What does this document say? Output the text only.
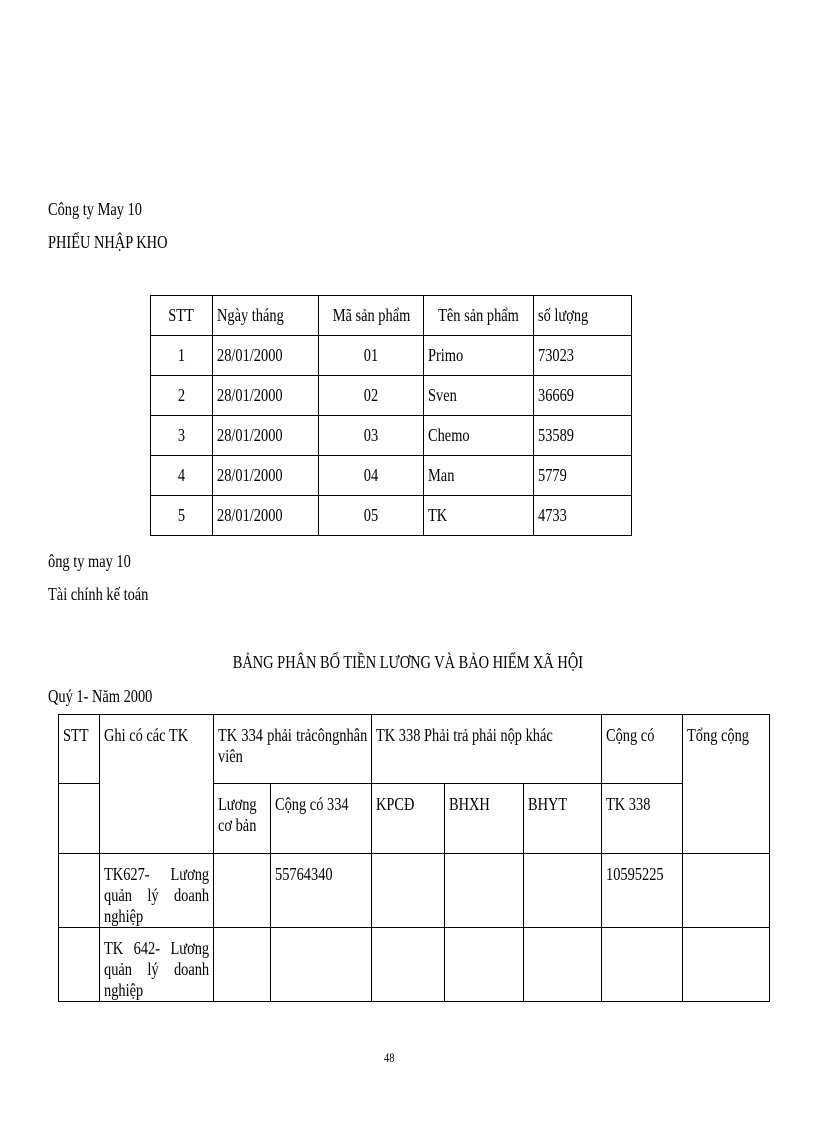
Công ty May 10
PHIẾU NHẬP KHO
STT	Ngày tháng	Mã sản phẩm	Tên sản phẩm	số lượng
1	28/01/2000	01	Primo	73023
2	28/01/2000	02	Sven	36669
3	28/01/2000	03	Chemo	53589
4	28/01/2000	04	Man	5779
5	28/01/2000	05	TK	4733
ông ty may 10
Tài chính kế toán
BẢNG PHÂN BỔ TIỀN LƯƠNG VÀ BẢO HIỂM XÃ HỘI
Quý 1- Năm 2000
STT	Ghi có các TK	TK 334 phải trảcôngnhân viên		TK 338 Phải trả phải nộp khác			Cộng có	Tổng cộng

		Lương cơ bản	Cộng có 334	KPCĐ	BHXH	BHYT	TK 338	

	TK627- Lương quản lý doanh nghiệp		55764340				10595225	

	TK 642- Lương quản lý doanh nghiệp							

48
